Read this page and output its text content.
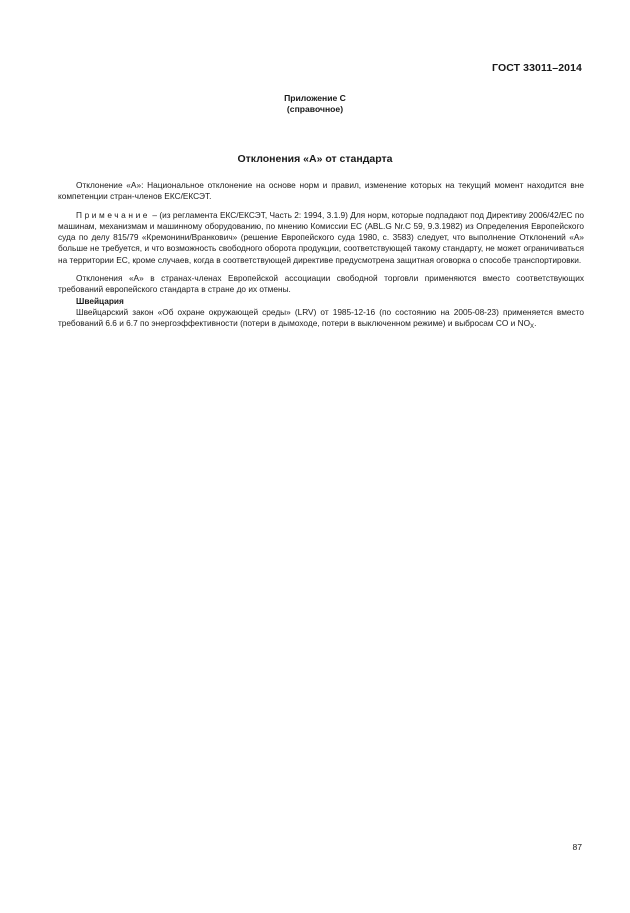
ГОСТ 33011–2014
Приложение С
(справочное)
Отклонения «А» от стандарта

Отклонение «А»: Национальное отклонение на основе норм и правил, изменение которых на текущий момент находится вне компетенции стран-членов ЕКС/ЕКСЭТ.

Примечание – (из регламента ЕКС/ЕКСЭТ, Часть 2: 1994, 3.1.9) Для норм, которые подпадают под Директиву 2006/42/ЕС по машинам, механизмам и машинному оборудованию, по мнению Комиссии ЕС (ABL.G Nr.C 59, 9.3.1982) из Определения Европейского суда по делу 815/79 «Кремонини/Вранкович» (решение Европейского суда 1980, с. 3583) следует, что выполнение Отклонений «А» больше не требуется, и что возможность свободного оборота продукции, соответствующей такому стандарту, не может ограничиваться на территории ЕС, кроме случаев, когда в соответствующей директиве предусмотрена защитная оговорка о способе транспортировки.

Отклонения «А» в странах-членах Европейской ассоциации свободной торговли применяются вместо соответствующих требований европейского стандарта в стране до их отмены.

Швейцария

Швейцарский закон «Об охране окружающей среды» (LRV) от 1985-12-16 (по состоянию на 2005-08-23) применяется вместо требований 6.6 и 6.7 по энергоэффективности (потери в дымоходе, потери в выключенном режиме) и выбросам CO и $NO_X$.

87
